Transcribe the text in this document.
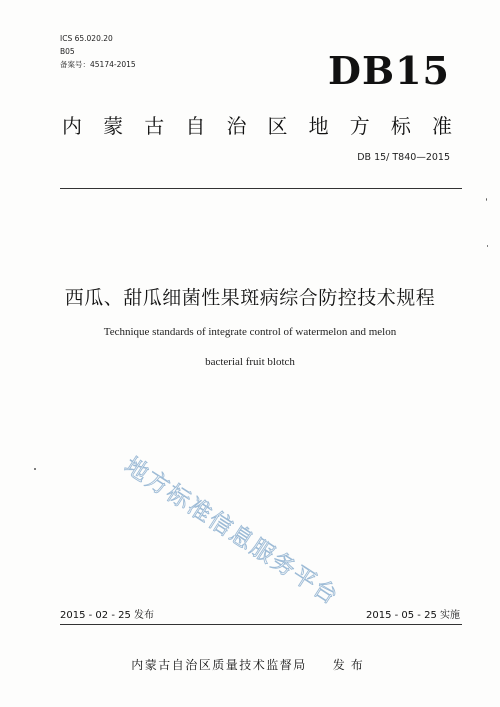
ICS 65.020.20
B05
备案号：45174-2015	DB15
内 蒙 古 自 治 区 地 方 标 准
DB 15/ T840—2015
西瓜、甜瓜细菌性果斑病综合防控技术规程
Technique standards of integrate control of watermelon and melon
bacterial fruit blotch
地方标准信息服务平台
2015 - 02 - 25 发布	2015 - 05 - 25 实施
内蒙古自治区质量技术监督局 发布
